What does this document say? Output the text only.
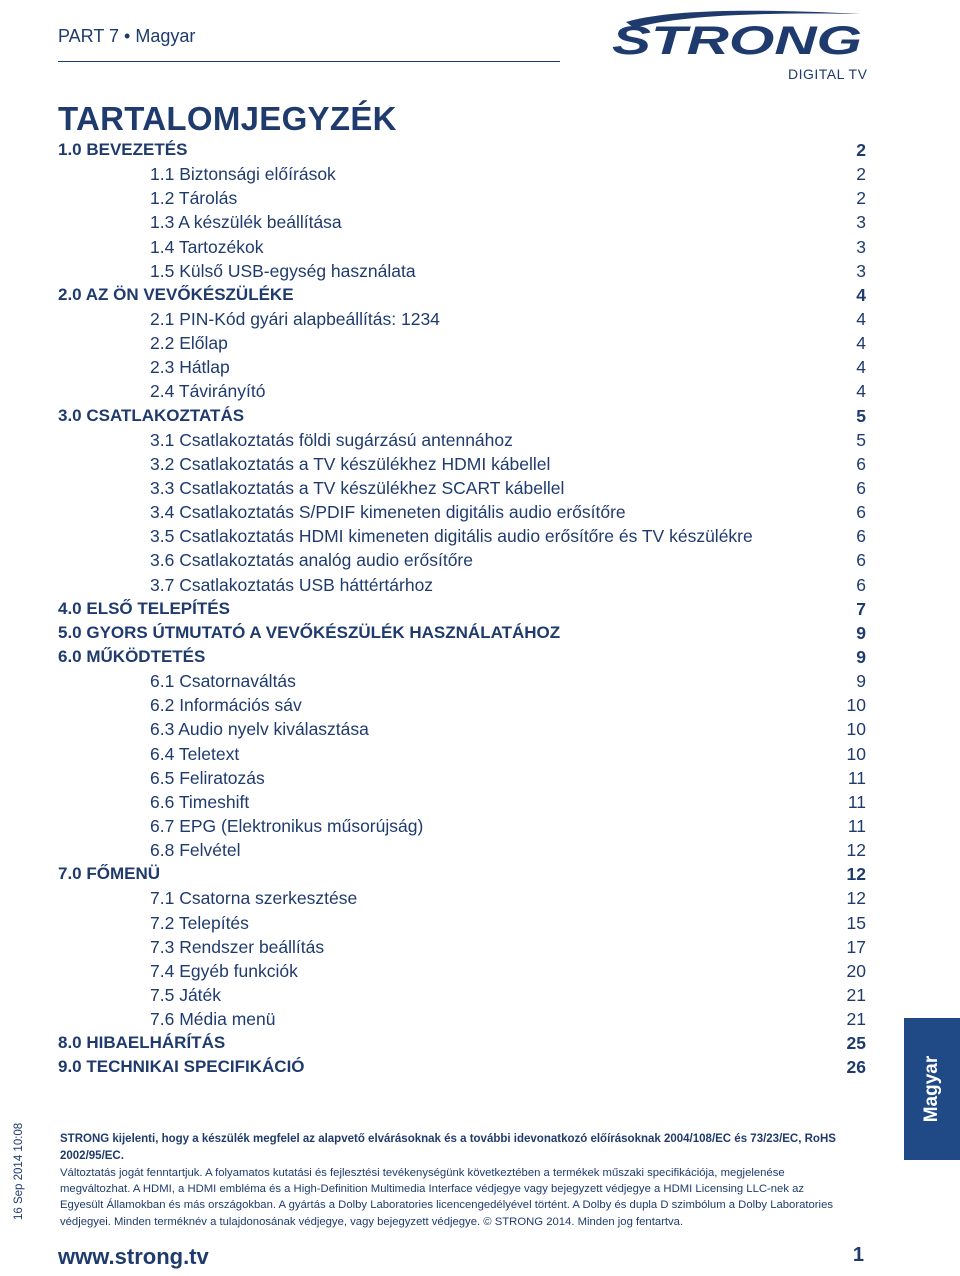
PART 7 • Magyar	STRONG
DIGITAL TV
TARTALOMJEGYZÉK
1.0 BEVEZETÉS	2
1.1 Biztonsági előírások	2
1.2 Tárolás	2
1.3 A készülék beállítása	3
1.4 Tartozékok	3
1.5 Külső USB-egység használata	3
2.0 AZ ÖN VEVŐKÉSZÜLÉKE	4
2.1 PIN-Kód gyári alapbeállítás: 1234	4
2.2 Előlap	4
2.3 Hátlap	4
2.4 Távirányító	4
3.0 CSATLAKOZTATÁS	5
3.1 Csatlakoztatás földi sugárzású antennához	5
3.2 Csatlakoztatás a TV készülékhez HDMI kábellel	6
3.3 Csatlakoztatás a TV készülékhez SCART kábellel	6
3.4 Csatlakoztatás S/PDIF kimeneten digitális audio erősítőre	6
3.5 Csatlakoztatás HDMI kimeneten digitális audio erősítőre és TV készülékre	6
3.6 Csatlakoztatás analóg audio erősítőre	6
3.7 Csatlakoztatás USB háttértárhoz	6
4.0 ELSŐ TELEPÍTÉS	7
5.0 GYORS ÚTMUTATÓ A VEVŐKÉSZÜLÉK HASZNÁLATÁHOZ	9
6.0 MŰKÖDTETÉS	9
6.1 Csatornaváltás	9
6.2 Információs sáv	10
6.3 Audio nyelv kiválasztása	10
6.4 Teletext	10
6.5 Feliratozás	11
6.6 Timeshift	11
6.7 EPG (Elektronikus műsorújság)	11
6.8 Felvétel	12
7.0 FŐMENÜ	12
7.1 Csatorna szerkesztése	12
7.2 Telepítés	15
7.3 Rendszer beállítás	17
7.4 Egyéb funkciók	20
7.5 Játék	21
7.6 Média menü	21
8.0 HIBAELHÁRÍTÁS	25
9.0 TECHNIKAI SPECIFIKÁCIÓ	26	Magyar
16 Sep 2014 10:08	STRONG kijelenti, hogy a készülék megfelel az alapvető elvárásoknak és a további idevonatkozó előírásoknak 2004/108/EC és 73/23/EC, RoHS 2002/95/EC.
Változtatás jogát fenntartjuk. A folyamatos kutatási és fejlesztési tevékenységünk következtében a termékek műszaki specifikációja, megjelenése megváltozhat. A HDMI, a HDMI embléma és a High-Definition Multimedia Interface védjegye vagy bejegyzett védjegye a HDMI Licensing LLC-nek az Egyesült Államokban és más országokban. A gyártás a Dolby Laboratories licencengedélyével történt. A Dolby és dupla D szimbólum a Dolby Laboratories védjegyei. Minden terméknév a tulajdonosának védjegye, vagy bejegyzett védjegye. © STRONG 2014. Minden jog fentartva.
www.strong.tv	1
